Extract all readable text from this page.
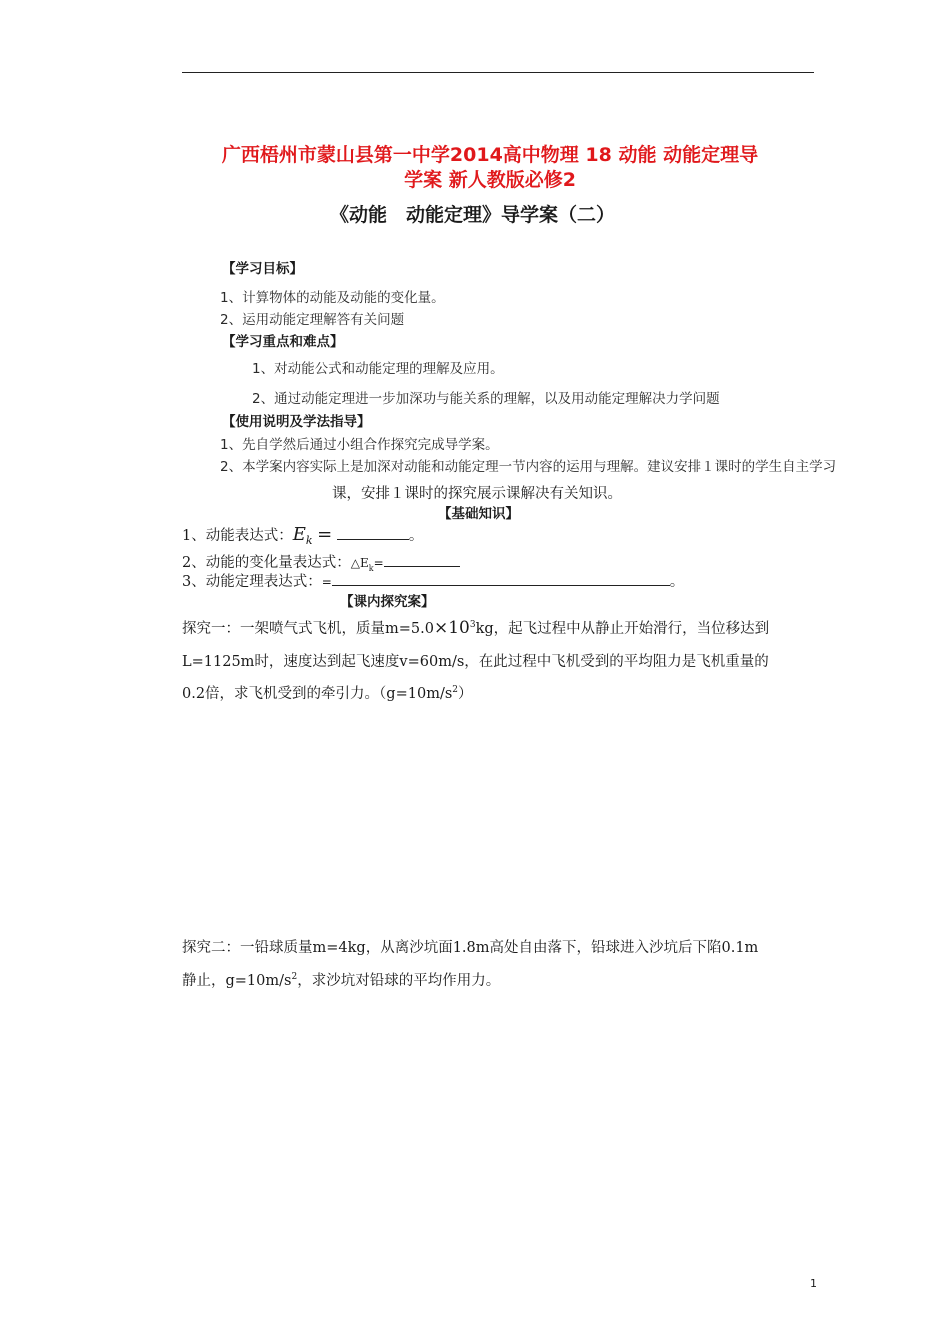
广西梧州市蒙山县第一中学2014高中物理 18 动能 动能定理导
学案 新人教版必修2
《动能　动能定理》导学案（二）
【学习目标】
1、计算物体的动能及动能的变化量。
2、运用动能定理解答有关问题
【学习重点和难点】
1、对动能公式和动能定理的理解及应用。
2、通过动能定理进一步加深功与能关系的理解，以及用动能定理解决力学问题
【使用说明及学法指导】
1、先自学然后通过小组合作探究完成导学案。
2、本学案内容实际上是加深对动能和动能定理一节内容的运用与理解。建议安排１课时的学生自主学习
课，安排１课时的探究展示课解决有关知识。
【基础知识】
1、动能表达式：$E_k$ =	。
2、动能的变化量表达式：$\triangle E_k=$
3、动能定理表达式：=	。
【课内探究案】
探究一：一架喷气式飞机，质量$m=5.0\times 10^3kg$，起飞过程中从静止开始滑行，当位移达到
L=1125m时，速度达到起飞速度v=60m/s，在此过程中飞机受到的平均阻力是飞机重量的
0.2倍，求飞机受到的牵引力。$(g=10m/s^2)$
探究二：一铅球质量m=4kg，从离沙坑面1.8m高处自由落下，铅球进入沙坑后下陷0.1m
静止，$g=10m/s^2$，求沙坑对铅球的平均作用力。
1
